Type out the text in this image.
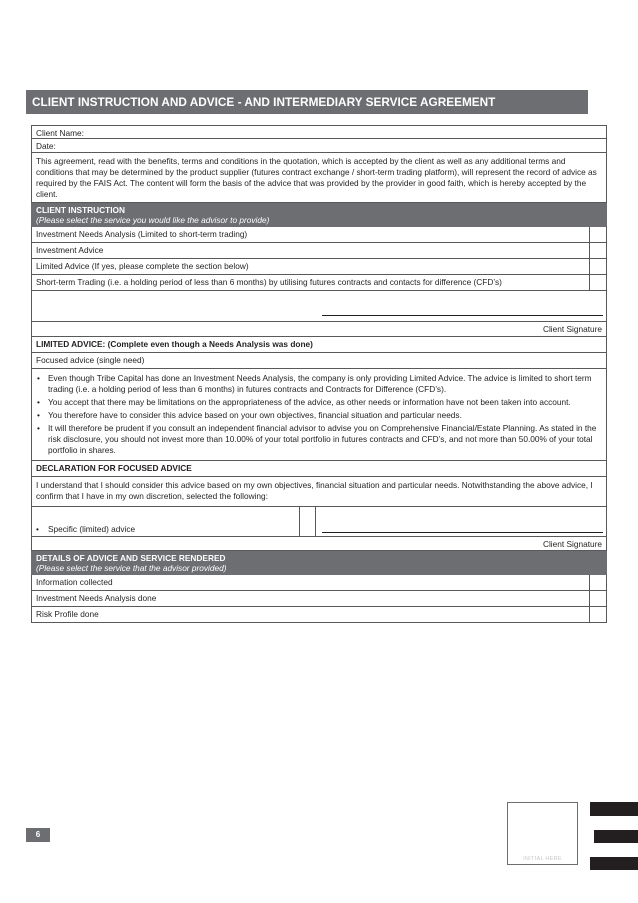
CLIENT INSTRUCTION AND ADVICE - AND INTERMEDIARY SERVICE AGREEMENT
Client Name:
Date:
This agreement, read with the benefits, terms and conditions in the quotation, which is accepted by the client as well as any additional terms and conditions that may be determined by the product supplier (futures contract exchange / short-term trading platform), will represent the record of advice as required by the FAIS Act. The content will form the basis of the advice that was provided by the provider in good faith, which is hereby accepted by the client.
CLIENT INSTRUCTION
(Please select the service you would like the advisor to provide)
Investment Needs Analysis (Limited to short-term trading)
Investment Advice
Limited Advice (If yes, please complete the section below)
Short-term Trading (i.e. a holding period of less than 6 months) by utilising futures contracts and contacts for difference (CFD’s)
Client Signature
LIMITED ADVICE: (Complete even though a Needs Analysis was done)
Focused advice (single need)
• Even though Tribe Capital has done an Investment Needs Analysis, the company is only providing Limited Advice. The advice is limited to short term trading (i.e. a holding period of less than 6 months) in futures contracts and Contracts for Difference (CFD’s).
• You accept that there may be limitations on the appropriateness of the advice, as other needs or information have not been taken into account.
• You therefore have to consider this advice based on your own objectives, financial situation and particular needs.
• It will therefore be prudent if you consult an independent financial advisor to advise you on Comprehensive Financial/Estate Planning. As stated in the risk disclosure, you should not invest more than 10.00% of your total portfolio in futures contracts and CFD’s, and not more than 50.00% of your total portfolio in shares.
DECLARATION FOR FOCUSED ADVICE
I understand that I should consider this advice based on my own objectives, financial situation and particular needs. Notwithstanding the above advice, I confirm that I have in my own discretion, selected the following:
• Specific (limited) advice
Client Signature
DETAILS OF ADVICE AND SERVICE RENDERED
(Please select the service that the advisor provided)
Information collected
Investment Needs Analysis done
Risk Profile done
INITIAL HERE
6
